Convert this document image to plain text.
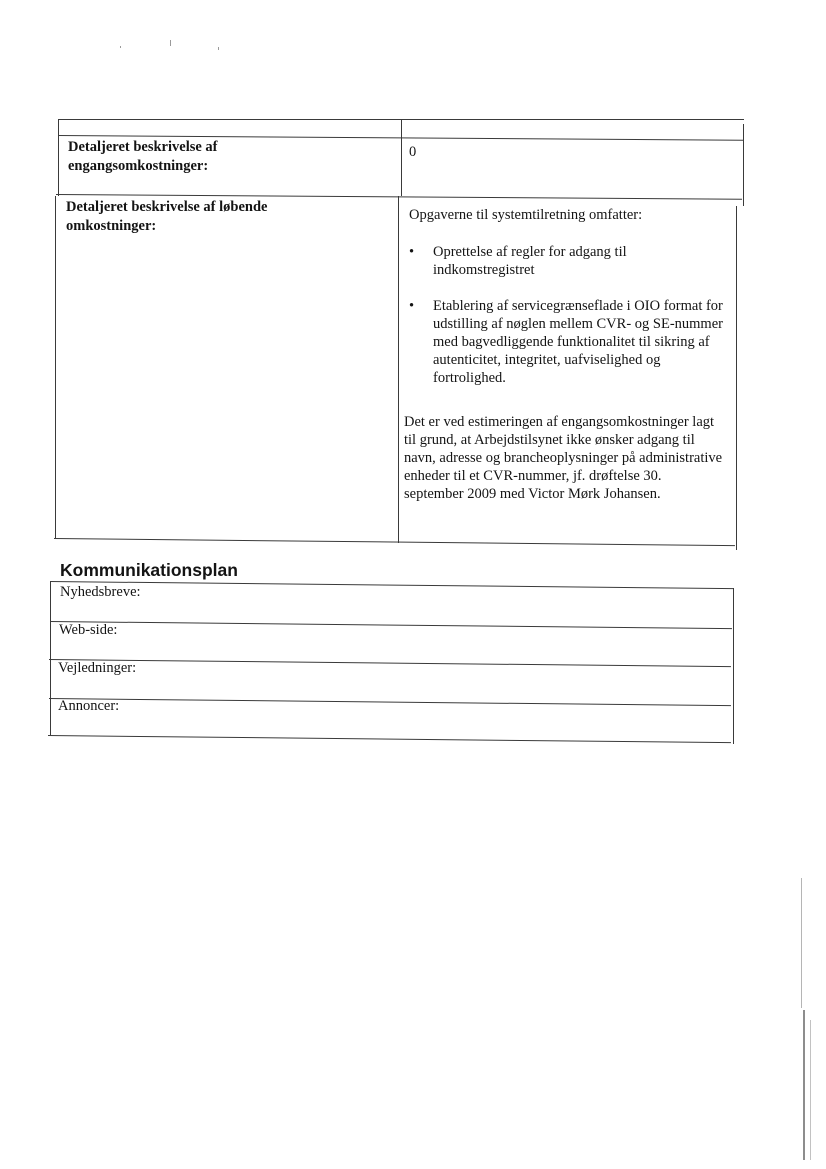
Detaljeret beskrivelse af engangsomkostninger:
0
Detaljeret beskrivelse af løbende omkostninger:
Opgaverne til systemtilretning omfatter:
• Oprettelse af regler for adgang til indkomstregistret
• Etablering af servicegrænseflade i OIO format for udstilling af nøglen mellem CVR- og SE-nummer med bagvedliggende funktionalitet til sikring af autenticitet, integritet, uafviselighed og fortrolighed.
Det er ved estimeringen af engangsomkostninger lagt til grund, at Arbejdstilsynet ikke ønsker adgang til navn, adresse og brancheoplysninger på administrative enheder til et CVR-nummer, jf. drøftelse 30. september 2009 med Victor Mørk Johansen.
Kommunikationsplan
Nyhedsbreve:
Web-side:
Vejledninger:
Annoncer:
